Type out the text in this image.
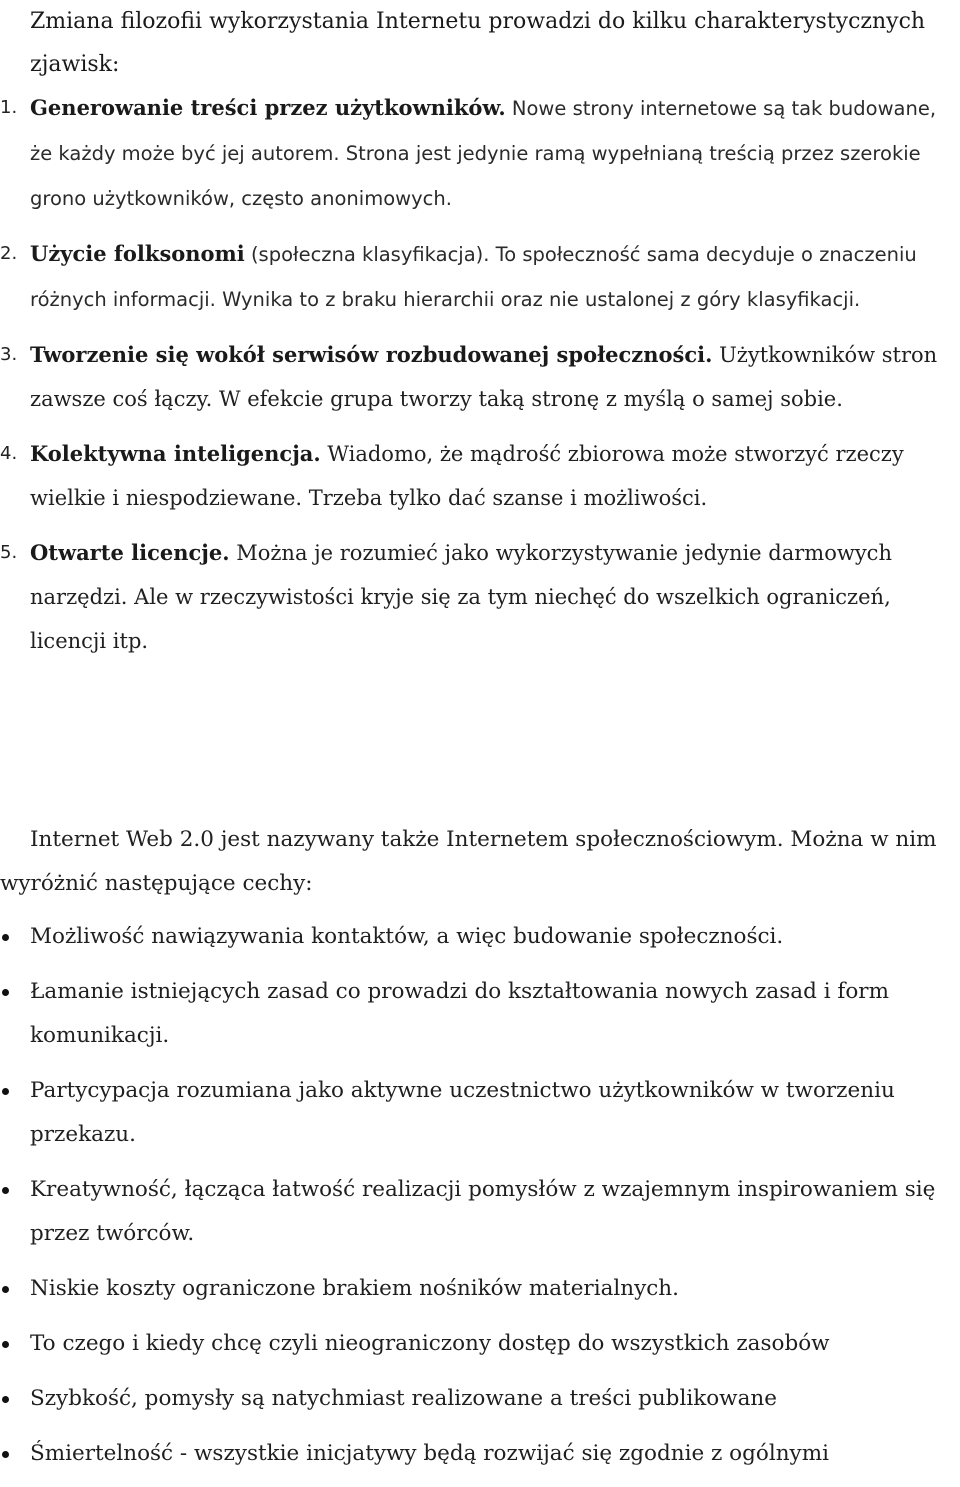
Zmiana filozofii wykorzystania Internetu prowadzi do kilku charakterystycznych zjawisk:

1. Generowanie treści przez użytkowników. Nowe strony internetowe są tak budowane, że każdy może być jej autorem. Strona jest jedynie ramą wypełnianą treścią przez szerokie grono użytkowników, często anonimowych.
2. Użycie folksonomi (społeczna klasyfikacja). To społeczność sama decyduje o znaczeniu różnych informacji. Wynika to z braku hierarchii oraz nie ustalonej z góry klasyfikacji.
3. Tworzenie się wokół serwisów rozbudowanej społeczności. Użytkowników stron zawsze coś łączy. W efekcie grupa tworzy taką stronę z myślą o samej sobie.
4. Kolektywna inteligencja. Wiadomo, że mądrość zbiorowa może stworzyć rzeczy wielkie i niespodziewane. Trzeba tylko dać szanse i możliwości.
5. Otwarte licencje. Można je rozumieć jako wykorzystywanie jedynie darmowych narzędzi. Ale w rzeczywistości kryje się za tym niechęć do wszelkich ograniczeń, licencji itp.

Internet Web 2.0 jest nazywany także Internetem społecznościowym. Można w nim wyróżnić następujące cechy:

Możliwość nawiązywania kontaktów, a więc budowanie społeczności.
Łamanie istniejących zasad co prowadzi do kształtowania nowych zasad i form komunikacji.
Partycypacja rozumiana jako aktywne uczestnictwo użytkowników w tworzeniu przekazu.
Kreatywność, łącząca łatwość realizacji pomysłów z wzajemnym inspirowaniem się przez twórców.
Niskie koszty ograniczone brakiem nośników materialnych.
To czego i kiedy chcę czyli nieograniczony dostęp do wszystkich zasobów
Szybkość, pomysły są natychmiast realizowane a treści publikowane
Śmiertelność - wszystkie inicjatywy będą rozwijać się zgodnie z ogólnymi
